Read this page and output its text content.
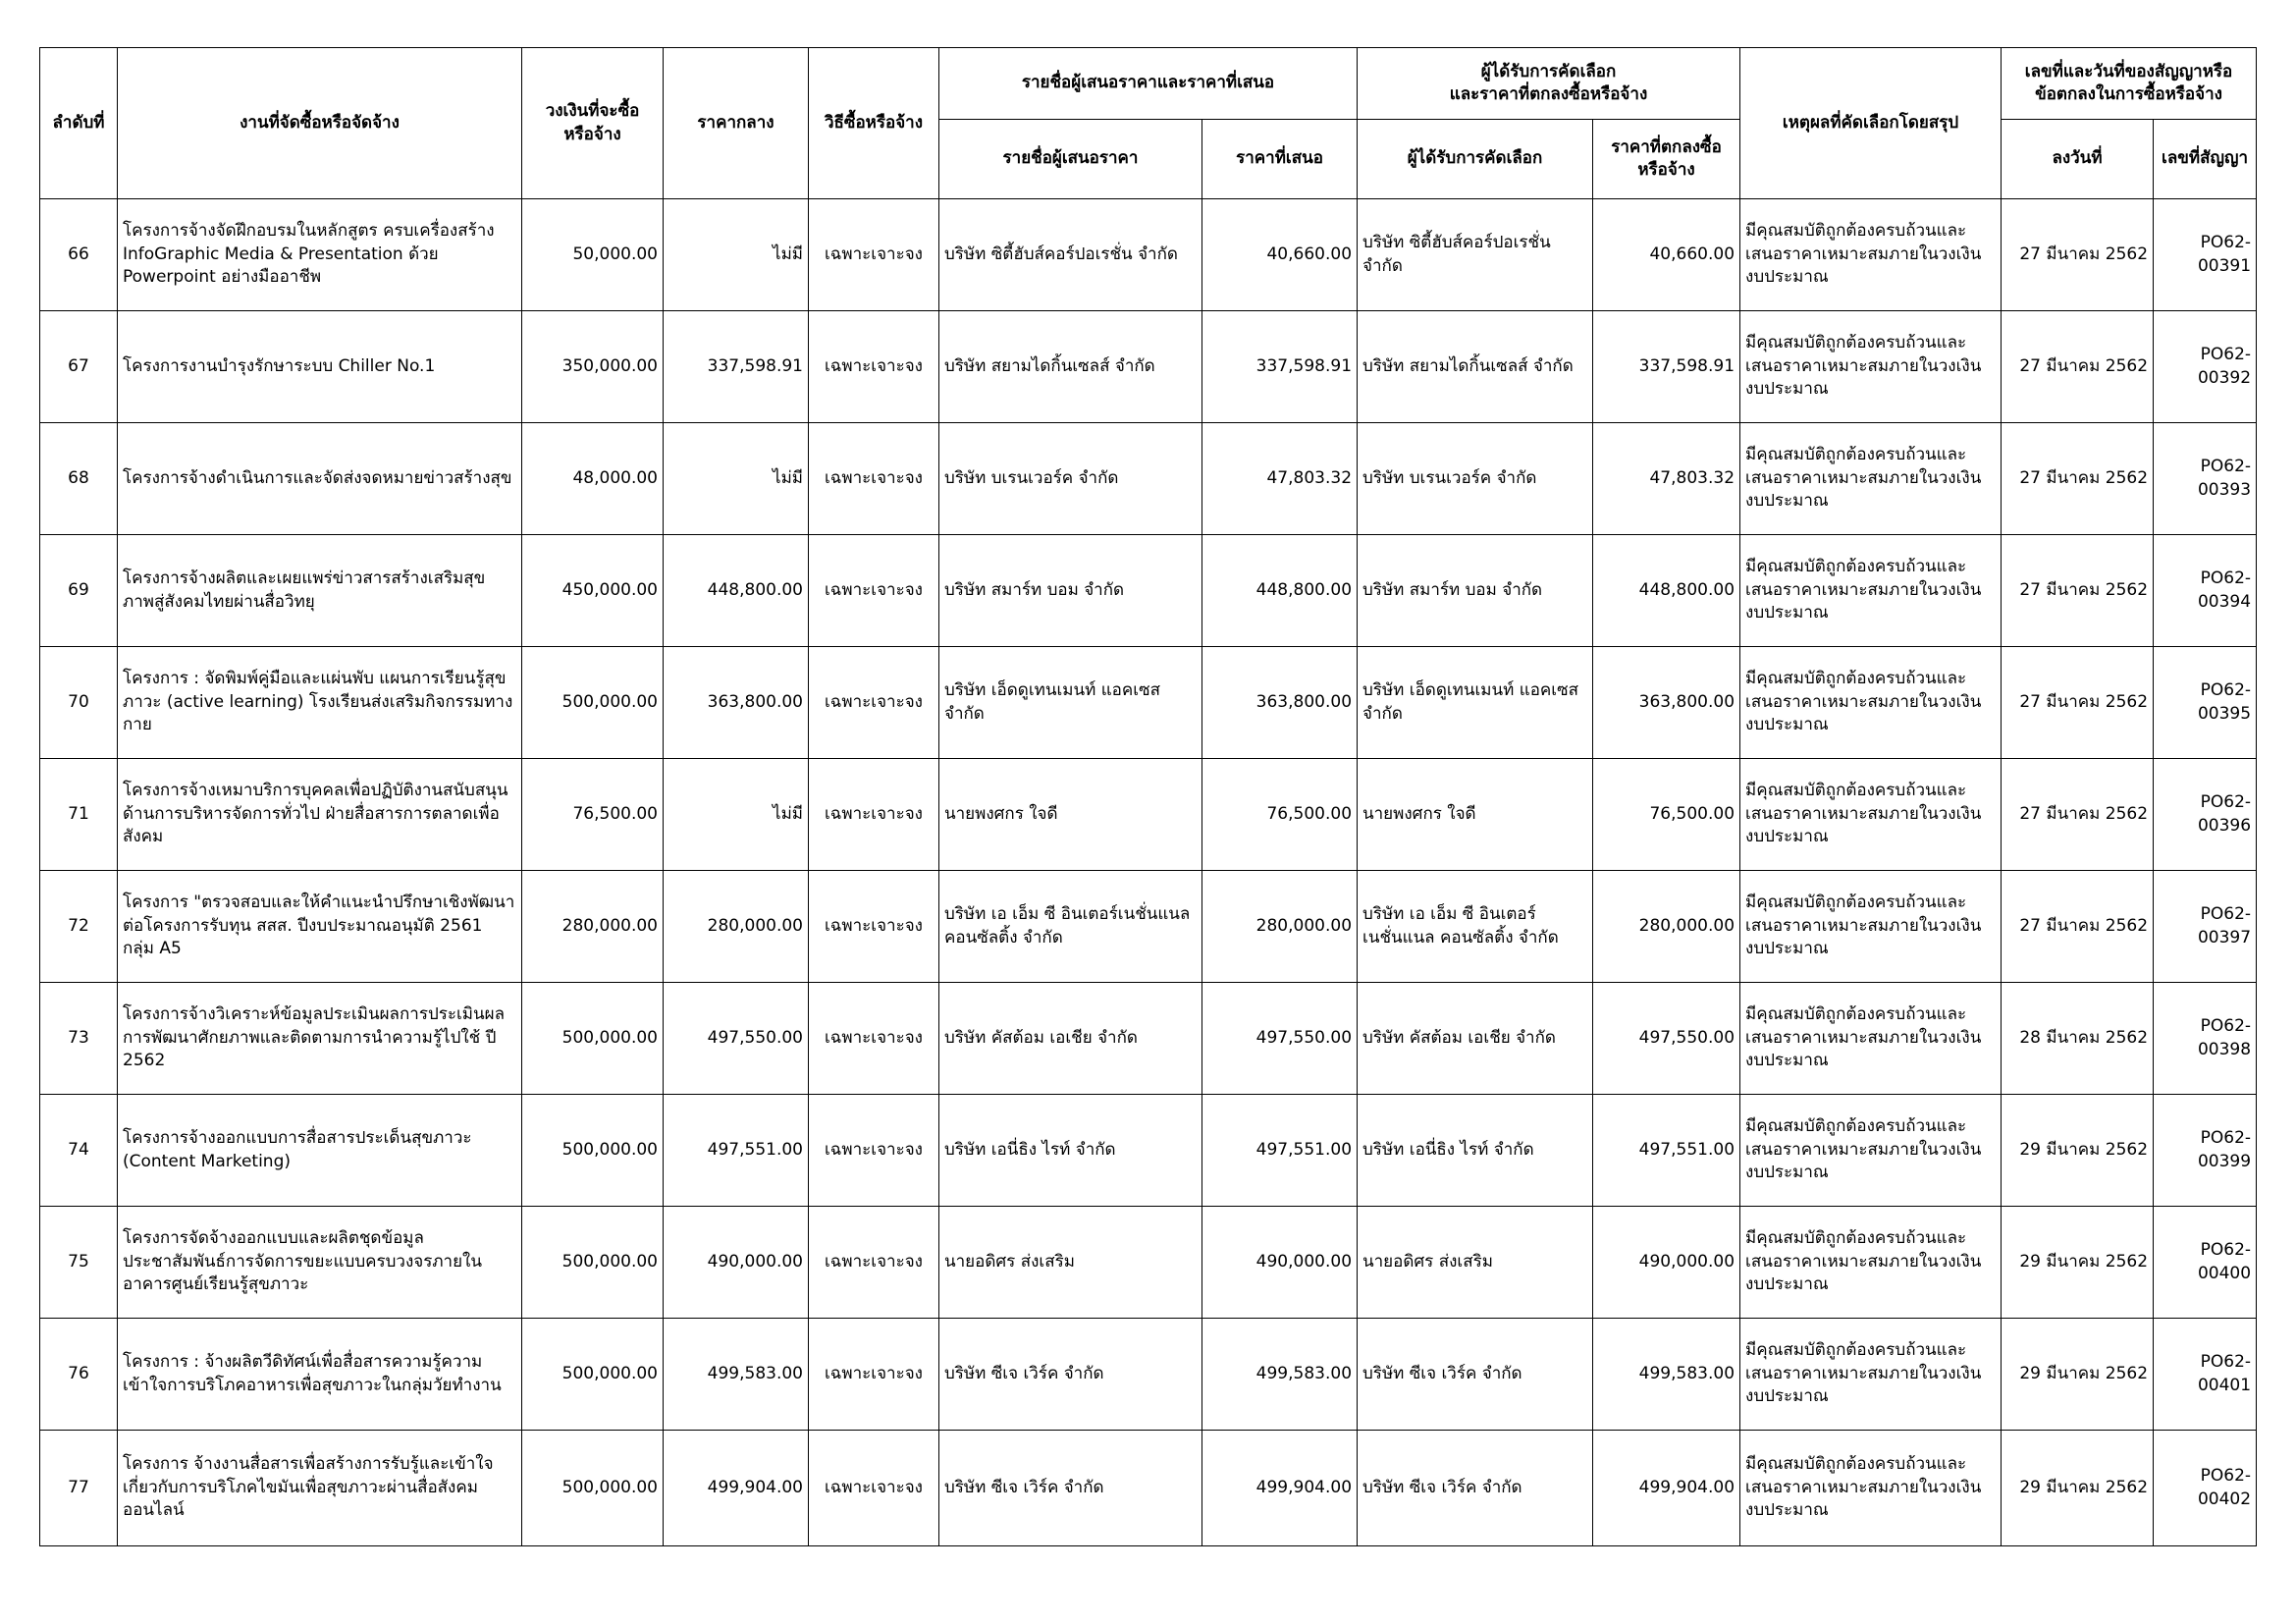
ลำดับที่	งานที่จัดซื้อหรือจัดจ้าง	วงเงินที่จะซื้อ
หรือจ้าง	ราคากลาง	วิธีซื้อหรือจ้าง	รายชื่อผู้เสนอราคาและราคาที่เสนอ		ผู้ได้รับการคัดเลือก
และราคาที่ตกลงซื้อหรือจ้าง		เหตุผลที่คัดเลือกโดยสรุป	เลขที่และวันที่ของสัญญาหรือ
ข้อตกลงในการซื้อหรือจ้าง	
					รายชื่อผู้เสนอราคา	ราคาที่เสนอ	ผู้ได้รับการคัดเลือก	ราคาที่ตกลงซื้อ
หรือจ้าง		ลงวันที่	เลขที่สัญญา
66	โครงการจ้างจัดฝึกอบรมในหลักสูตร ครบเครื่องสร้าง InfoGraphic Media & Presentation ด้วย Powerpoint อย่างมืออาชีพ	50,000.00	ไม่มี	เฉพาะเจาะจง	บริษัท ซิตี้ฮับส์คอร์ปอเรชั่น จำกัด	40,660.00	บริษัท ซิตี้ฮับส์คอร์ปอเรชั่น จำกัด	40,660.00	มีคุณสมบัติถูกต้องครบถ้วนและเสนอราคาเหมาะสมภายในวงเงินงบประมาณ	27 มีนาคม 2562	PO62-00391
67	โครงการงานบำรุงรักษาระบบ Chiller No.1	350,000.00	337,598.91	เฉพาะเจาะจง	บริษัท สยามไดกิ้นเซลส์ จำกัด	337,598.91	บริษัท สยามไดกิ้นเซลส์ จำกัด	337,598.91	มีคุณสมบัติถูกต้องครบถ้วนและเสนอราคาเหมาะสมภายในวงเงินงบประมาณ	27 มีนาคม 2562	PO62-00392
68	โครงการจ้างดำเนินการและจัดส่งจดหมายข่าวสร้างสุข	48,000.00	ไม่มี	เฉพาะเจาะจง	บริษัท บเรนเวอร์ค จำกัด	47,803.32	บริษัท บเรนเวอร์ค จำกัด	47,803.32	มีคุณสมบัติถูกต้องครบถ้วนและเสนอราคาเหมาะสมภายในวงเงินงบประมาณ	27 มีนาคม 2562	PO62-00393
69	โครงการจ้างผลิตและเผยแพร่ข่าวสารสร้างเสริมสุขภาพสู่สังคมไทยผ่านสื่อวิทยุ	450,000.00	448,800.00	เฉพาะเจาะจง	บริษัท สมาร์ท บอม จำกัด	448,800.00	บริษัท สมาร์ท บอม จำกัด	448,800.00	มีคุณสมบัติถูกต้องครบถ้วนและเสนอราคาเหมาะสมภายในวงเงินงบประมาณ	27 มีนาคม 2562	PO62-00394
70	โครงการ : จัดพิมพ์คู่มือและแผ่นพับ แผนการเรียนรู้สุขภาวะ (active learning) โรงเรียนส่งเสริมกิจกรรมทางกาย	500,000.00	363,800.00	เฉพาะเจาะจง	บริษัท เอ็ดดูเทนเมนท์ แอคเซส จำกัด	363,800.00	บริษัท เอ็ดดูเทนเมนท์ แอคเซส จำกัด	363,800.00	มีคุณสมบัติถูกต้องครบถ้วนและเสนอราคาเหมาะสมภายในวงเงินงบประมาณ	27 มีนาคม 2562	PO62-00395
71	โครงการจ้างเหมาบริการบุคคลเพื่อปฏิบัติงานสนับสนุนด้านการบริหารจัดการทั่วไป ฝ่ายสื่อสารการตลาดเพื่อสังคม	76,500.00	ไม่มี	เฉพาะเจาะจง	นายพงศกร ใจดี	76,500.00	นายพงศกร ใจดี	76,500.00	มีคุณสมบัติถูกต้องครบถ้วนและเสนอราคาเหมาะสมภายในวงเงินงบประมาณ	27 มีนาคม 2562	PO62-00396
72	โครงการ "ตรวจสอบและให้คำแนะนำปรึกษาเชิงพัฒนาต่อโครงการรับทุน สสส. ปีงบประมาณอนุมัติ 2561 กลุ่ม A5	280,000.00	280,000.00	เฉพาะเจาะจง	บริษัท เอ เอ็ม ซี อินเตอร์เนชั่นแนล คอนซัลติ้ง จำกัด	280,000.00	บริษัท เอ เอ็ม ซี อินเตอร์เนชั่นแนล คอนซัลติ้ง จำกัด	280,000.00	มีคุณสมบัติถูกต้องครบถ้วนและเสนอราคาเหมาะสมภายในวงเงินงบประมาณ	27 มีนาคม 2562	PO62-00397
73	โครงการจ้างวิเคราะห์ข้อมูลประเมินผลการประเมินผลการพัฒนาศักยภาพและติดตามการนำความรู้ไปใช้ ปี 2562	500,000.00	497,550.00	เฉพาะเจาะจง	บริษัท คัสต้อม เอเชีย จำกัด	497,550.00	บริษัท คัสต้อม เอเชีย จำกัด	497,550.00	มีคุณสมบัติถูกต้องครบถ้วนและเสนอราคาเหมาะสมภายในวงเงินงบประมาณ	28 มีนาคม 2562	PO62-00398
74	โครงการจ้างออกแบบการสื่อสารประเด็นสุขภาวะ (Content Marketing)	500,000.00	497,551.00	เฉพาะเจาะจง	บริษัท เอนี่ธิง ไรท์ จำกัด	497,551.00	บริษัท เอนี่ธิง ไรท์ จำกัด	497,551.00	มีคุณสมบัติถูกต้องครบถ้วนและเสนอราคาเหมาะสมภายในวงเงินงบประมาณ	29 มีนาคม 2562	PO62-00399
75	โครงการจัดจ้างออกแบบและผลิตชุดข้อมูลประชาสัมพันธ์การจัดการขยะแบบครบวงจรภายในอาคารศูนย์เรียนรู้สุขภาวะ	500,000.00	490,000.00	เฉพาะเจาะจง	นายอดิศร ส่งเสริม	490,000.00	นายอดิศร ส่งเสริม	490,000.00	มีคุณสมบัติถูกต้องครบถ้วนและเสนอราคาเหมาะสมภายในวงเงินงบประมาณ	29 มีนาคม 2562	PO62-00400
76	โครงการ : จ้างผลิตวีดิทัศน์เพื่อสื่อสารความรู้ความเข้าใจการบริโภคอาหารเพื่อสุขภาวะในกลุ่มวัยทำงาน	500,000.00	499,583.00	เฉพาะเจาะจง	บริษัท ซีเจ เวิร์ค จำกัด	499,583.00	บริษัท ซีเจ เวิร์ค จำกัด	499,583.00	มีคุณสมบัติถูกต้องครบถ้วนและเสนอราคาเหมาะสมภายในวงเงินงบประมาณ	29 มีนาคม 2562	PO62-00401
77	โครงการ จ้างงานสื่อสารเพื่อสร้างการรับรู้และเข้าใจเกี่ยวกับการบริโภคไขมันเพื่อสุขภาวะผ่านสื่อสังคมออนไลน์	500,000.00	499,904.00	เฉพาะเจาะจง	บริษัท ซีเจ เวิร์ค จำกัด	499,904.00	บริษัท ซีเจ เวิร์ค จำกัด	499,904.00	มีคุณสมบัติถูกต้องครบถ้วนและเสนอราคาเหมาะสมภายในวงเงินงบประมาณ	29 มีนาคม 2562	PO62-00402
